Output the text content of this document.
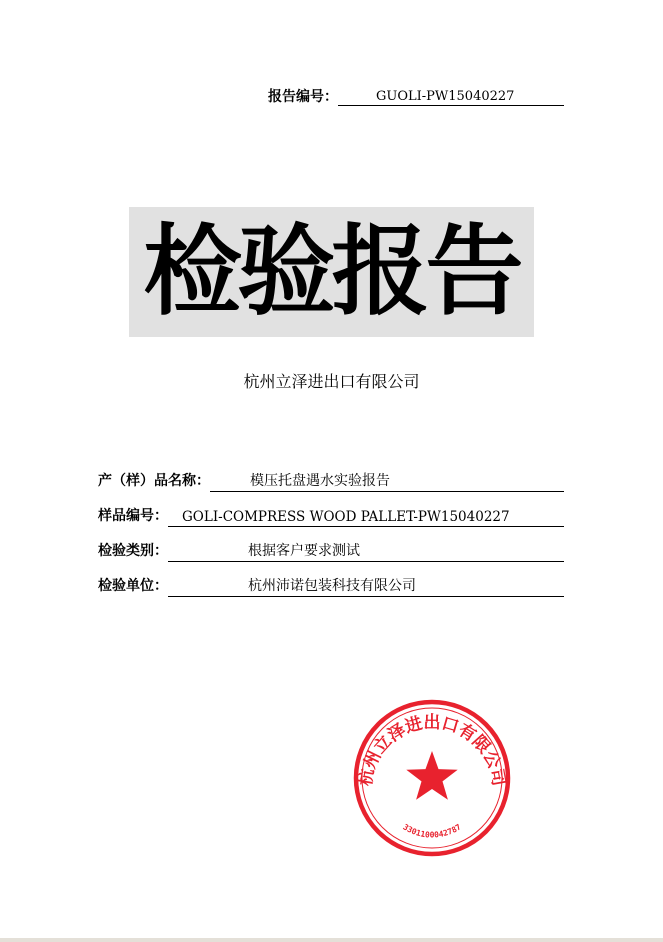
报告编号：	GUOLI-PW15040227
检验报告
杭州立泽进出口有限公司
产（样）品名称：	模压托盘遇水实验报告
样品编号： GOLI-COMPRESS WOOD PALLET-PW15040227
检验类别：	根据客户要求测试
检验单位：	杭州沛诺包装科技有限公司
杭州立泽进出口有限公司
3301100042787
